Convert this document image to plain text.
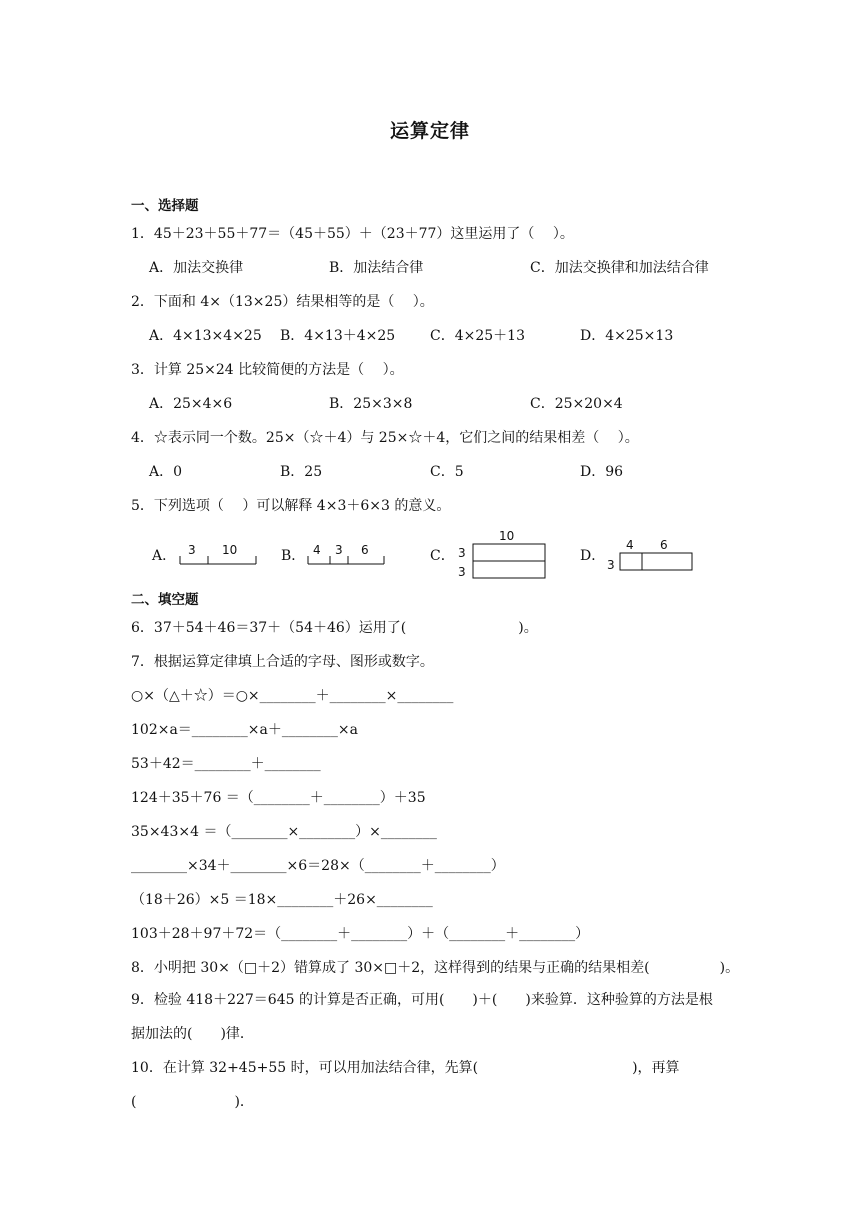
运算定律
一、选择题
1．45＋23＋55＋77＝（45＋55）＋（23＋77）这里运用了（　 ）。
A．加法交换律	B．加法结合律	C．加法交换律和加法结合律
2．下面和 4×（13×25）结果相等的是（　 ）。
A．4×13×4×25 B．4×13＋4×25 C．4×25＋13	D．4×25×13
3．计算 25×24 比较简便的方法是（　 ）。
A．25×4×6	B．25×3×8	C．25×20×4
4．☆表示同一个数。25×（☆＋4）与 25×☆＋4，它们之间的结果相差（　 ）。
A．0	B．25	C．5	D．96
5．下列选项（　 ）可以解释 4×3＋6×3 的意义。
A． 3 10	B． 4 3 6	C．
10
3
3
D．
4 6
3
二、填空题
6．37＋54＋46＝37＋（54＋46）运用了(　　　　　　　　)。
7．根据运算定律填上合适的字母、图形或数字。
○×（△＋☆）＝○×________＋________×________
102×a＝________×a＋________×a
53＋42＝________＋________
124＋35＋76 ＝（________＋________）＋35
35×43×4 ＝（________×________）×________
________×34＋________×6＝28×（________＋________）
（18＋26）×5 ＝18×________＋26×________
103＋28＋97＋72＝（________＋________）＋（________＋________）
8．小明把 30×（□＋2）错算成了 30×□＋2，这样得到的结果与正确的结果相差(　　　　　)。
9．检验 418＋227＝645 的计算是否正确，可用(　　)＋(　　)来验算．这种验算的方法是根
据加法的(　　)律．
10．在计算 32+45+55 时，可以用加法结合律，先算(　　　　　　　　　　　)，再算
(　　　　　　　)．
